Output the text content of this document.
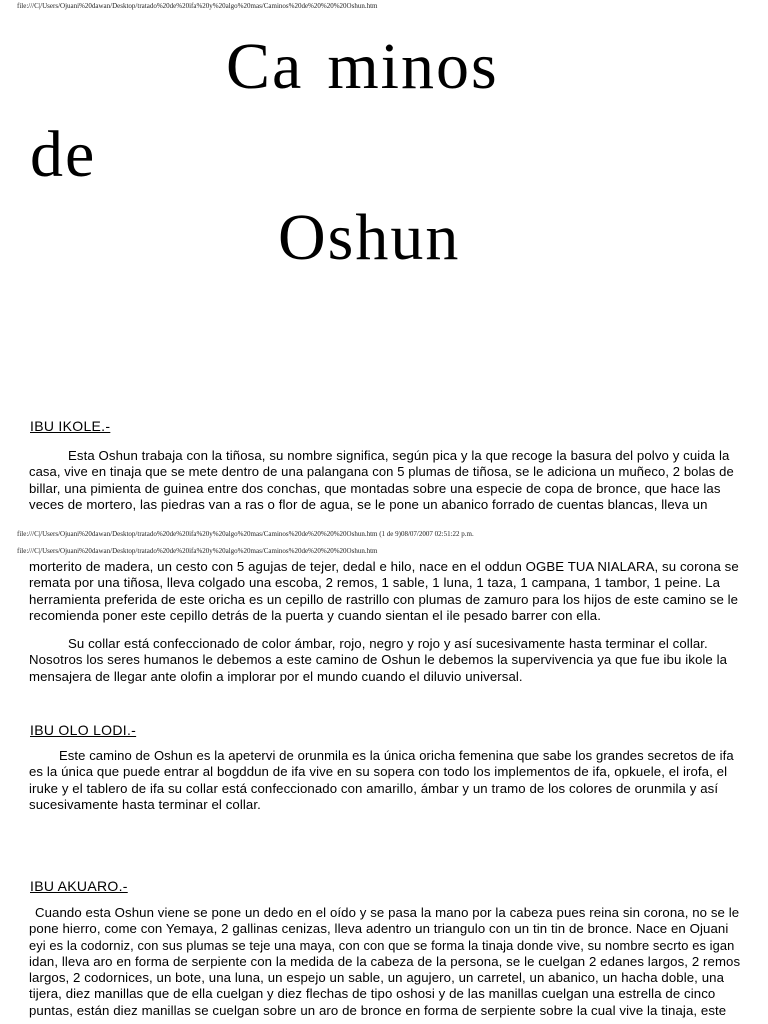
file:///C|/Users/Ojuani%20dawan/Desktop/tratado%20de%20ifa%20y%20algo%20mas/Caminos%20de%20%20%20Oshun.htm
Ca minos
de
Oshun
IBU IKOLE.-
Esta Oshun trabaja con la tiñosa, su nombre significa, según pica y la que recoge la basura del polvo y cuida la
casa, vive en tinaja que se mete dentro de una palangana con 5 plumas de tiñosa, se le adiciona un muñeco, 2 bolas de
billar, una pimienta de guinea entre dos conchas, que montadas sobre una especie de copa de bronce, que hace las
veces de mortero, las piedras van a ras o flor de agua, se le pone un abanico forrado de cuentas blancas, lleva un
file:///C|/Users/Ojuani%20dawan/Desktop/tratado%20de%20ifa%20y%20algo%20mas/Caminos%20de%20%20%20Oshun.htm (1 de 9)08/07/2007 02:51:22 p.m.
file:///C|/Users/Ojuani%20dawan/Desktop/tratado%20de%20ifa%20y%20algo%20mas/Caminos%20de%20%20%20Oshun.htm
morterito de madera, un cesto con 5 agujas de tejer, dedal e hilo, nace en el oddun OGBE TUA NIALARA, su corona se
remata por una tiñosa, lleva colgado una escoba, 2 remos, 1 sable, 1 luna, 1 taza, 1 campana, 1 tambor, 1 peine. La
herramienta preferida de este oricha es un cepillo de rastrillo con plumas de zamuro para los hijos de este camino se le
recomienda poner este cepillo detrás de la puerta y cuando sientan el ile pesado barrer con ella.
Su collar está confeccionado de color ámbar, rojo, negro y rojo y así sucesivamente hasta terminar el collar.
Nosotros los seres humanos le debemos a este camino de Oshun le debemos la supervivencia ya que fue ibu ikole la
mensajera de llegar ante olofin a implorar por el mundo cuando el diluvio universal.
IBU OLO LODI.-
Este camino de Oshun es la apetervi de orunmila es la única oricha femenina que sabe los grandes secretos de ifa
es la única que puede entrar al bogddun de ifa vive en su sopera con todo los implementos de ifa, opkuele, el irofa, el
iruke y el tablero de ifa su collar está confeccionado con amarillo, ámbar y un tramo de los colores de orunmila y así
sucesivamente hasta terminar el collar.
IBU AKUARO.-
Cuando esta Oshun viene se pone un dedo en el oído y se pasa la mano por la cabeza pues reina sin corona, no se le
pone hierro, come con Yemaya, 2 gallinas cenizas, lleva adentro un triangulo con un tin tin de bronce. Nace en Ojuani
eyi es la codorniz, con sus plumas se teje una maya, con con que se forma la tinaja donde vive, su nombre secrto es igan
idan, lleva aro en forma de serpiente con la medida de la cabeza de la persona, se le cuelgan 2 edanes largos, 2 remos
largos, 2 codornices, un bote, una luna, un espejo un sable, un agujero, un carretel, un abanico, un hacha doble, una
tijera, diez manillas que de ella cuelgan y diez flechas de tipo oshosi y de las manillas cuelgan una estrella de cinco
puntas, están diez manillas se cuelgan sobre un aro de bronce en forma de serpiente sobre la cual vive la tinaja, este
